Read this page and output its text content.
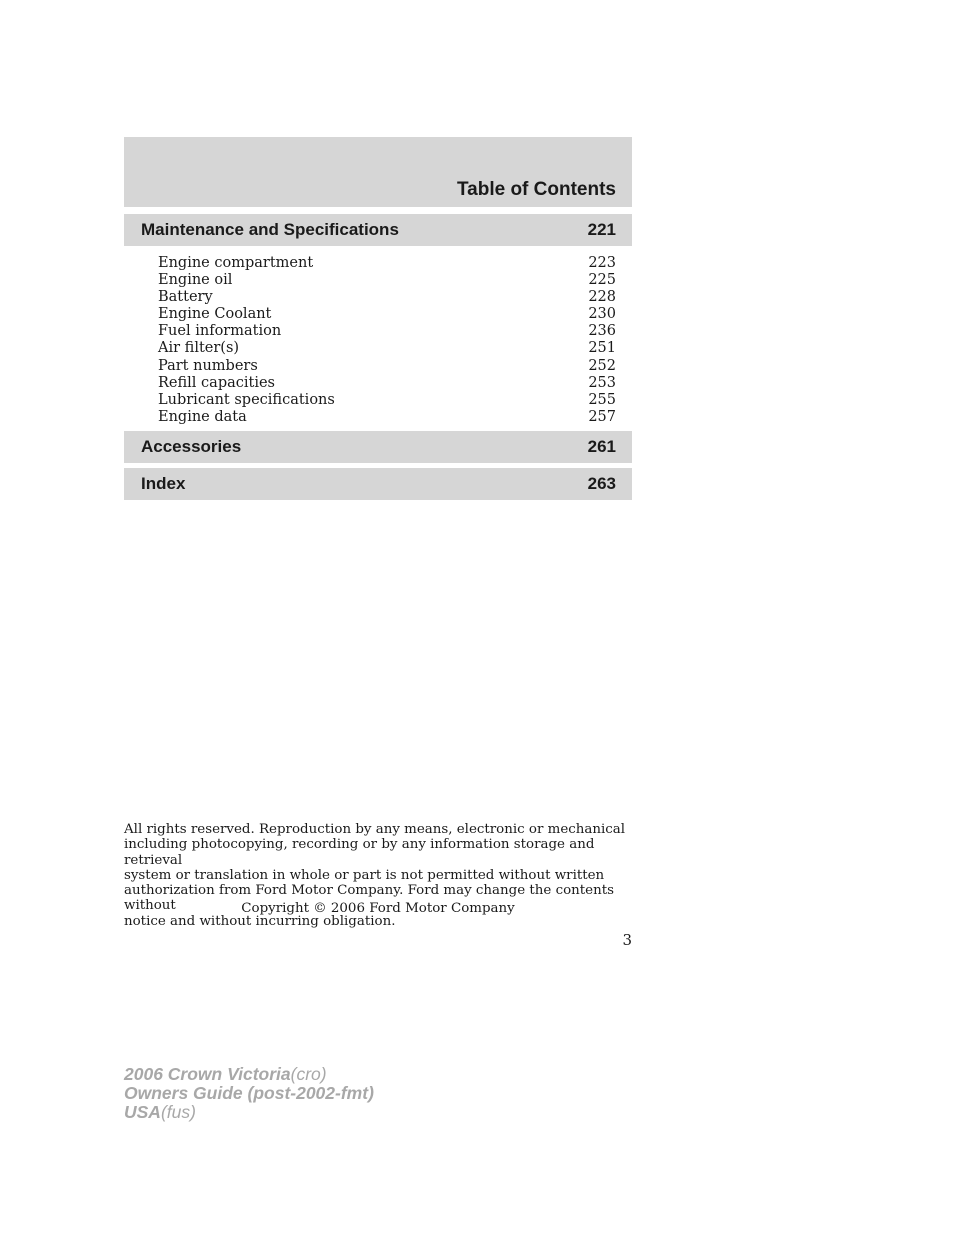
Table of Contents
Maintenance and Specifications	221
Engine compartment	223
Engine oil	225
Battery	228
Engine Coolant	230
Fuel information	236
Air filter(s)	251
Part numbers	252
Refill capacities	253
Lubricant specifications	255
Engine data	257
Accessories	261
Index	263

All rights reserved. Reproduction by any means, electronic or mechanical
including photocopying, recording or by any information storage and retrieval
system or translation in whole or part is not permitted without written
authorization from Ford Motor Company. Ford may change the contents without
notice and without incurring obligation.

Copyright © 2006 Ford Motor Company
3
2006 Crown Victoria(cro)
Owners Guide (post-2002-fmt)
USA(fus)
